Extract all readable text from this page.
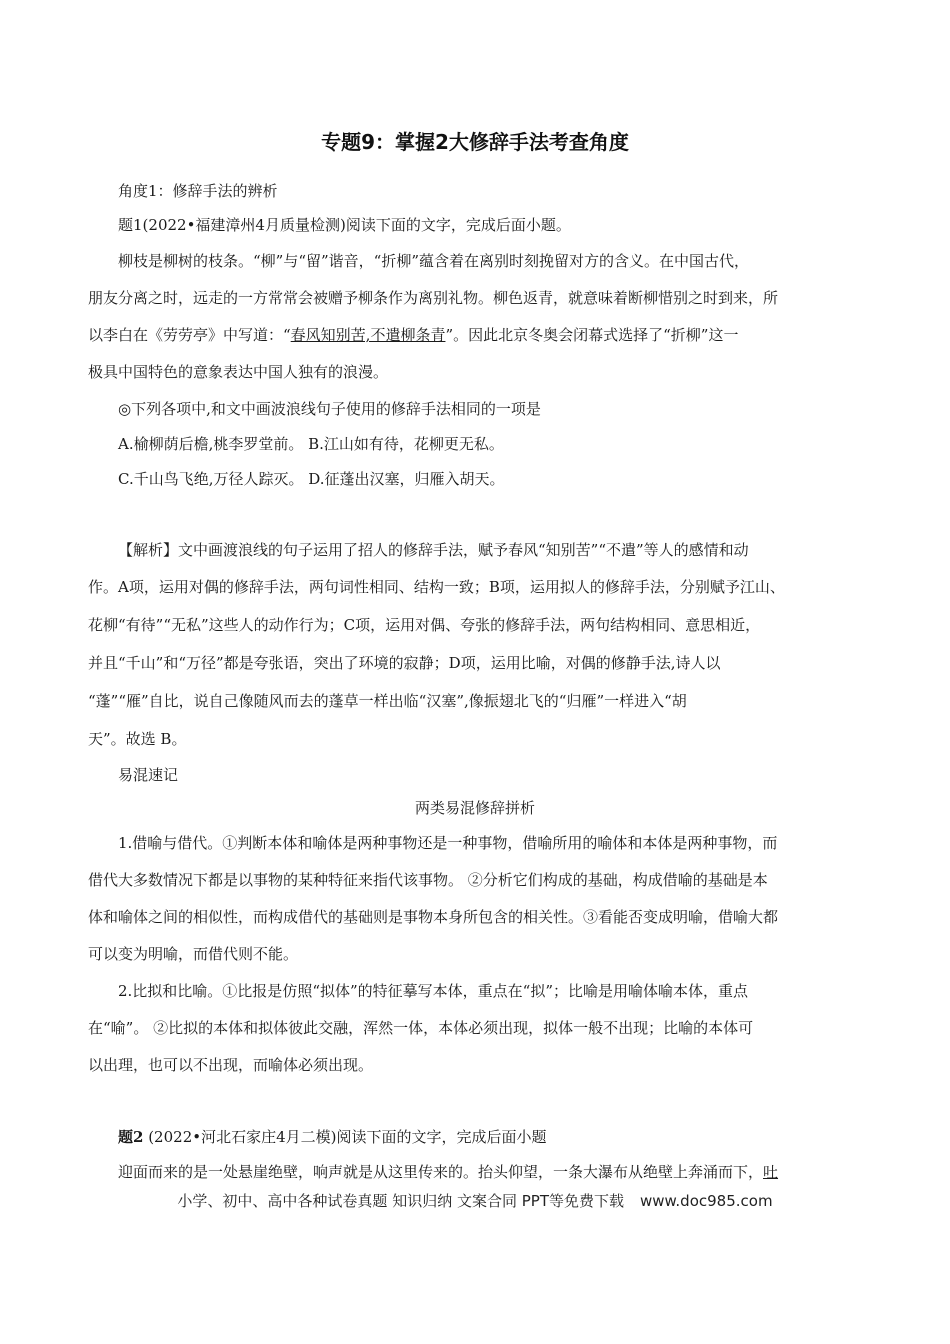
专题9：掌握2大修辞手法考查角度
角度1：修辞手法的辨析
题1(2022•福建漳州4月质量检测)阅读下面的文字，完成后面小题。
柳枝是柳树的枝条。“柳”与“留”谐音，“折柳”蕴含着在离别时刻挽留对方的含义。在中国古代，
朋友分离之时，远走的一方常常会被赠予柳条作为离别礼物。柳色返青，就意味着断柳惜别之时到来，所
以李白在《劳劳亭》中写道：“春风知别苦,不遣柳条青”。因此北京冬奥会闭幕式选择了“折柳”这一
极具中国特色的意象表达中国人独有的浪漫。
◎下列各项中,和文中画波浪线句子使用的修辞手法相同的一项是
A.榆柳荫后檐,桃李罗堂前。 B.江山如有待，花柳更无私。
C.千山鸟飞绝,万径人踪灭。 D.征蓬出汉塞，归雁入胡天。
【解析】文中画渡浪线的句子运用了招人的修辞手法，赋予春风“知别苦”“不遣”等人的感情和动
作。A项，运用对偶的修辞手法，两句词性相同、结构一致；B项，运用拟人的修辞手法，分别赋予江山、
花柳“有待”“无私”这些人的动作行为；C项，运用对偶、夸张的修辞手法，两句结构相同、意思相近，
并且“千山”和“万径”都是夸张语，突出了环境的寂静；D项，运用比喻，对偶的修静手法,诗人以
“蓬”“雁”自比，说自己像随风而去的蓬草一样出临“汉塞”,像振翅北飞的“归雁”一样进入“胡
天”。故选 B。
易混速记
两类易混修辞拼析
1.借喻与借代。①判断本体和喻体是两种事物还是一种事物，借喻所用的喻体和本体是两种事物，而
借代大多数情况下都是以事物的某种特征来指代该事物。 ②分析它们构成的基础，构成借喻的基础是本
体和喻体之间的相似性，而构成借代的基础则是事物本身所包含的相关性。③看能否变成明喻，借喻大都
可以变为明喻，而借代则不能。
2.比拟和比喻。①比报是仿照“拟体”的特征摹写本体，重点在“拟”；比喻是用喻体喻本体，重点
在“喻”。 ②比拟的本体和拟体彼此交融，浑然一体，本体必须出现，拟体一般不出现；比喻的本体可
以出理，也可以不出现，而喻体必须出现。
题2 (2022•河北石家庄4月二模)阅读下面的文字，完成后面小题
迎面而来的是一处悬崖绝壁，响声就是从这里传来的。抬头仰望，一条大瀑布从绝壁上奔涌而下，吐
小学、初中、高中各种试卷真题 知识归纳 文案合同 PPT等免费下载 www.doc985.com
